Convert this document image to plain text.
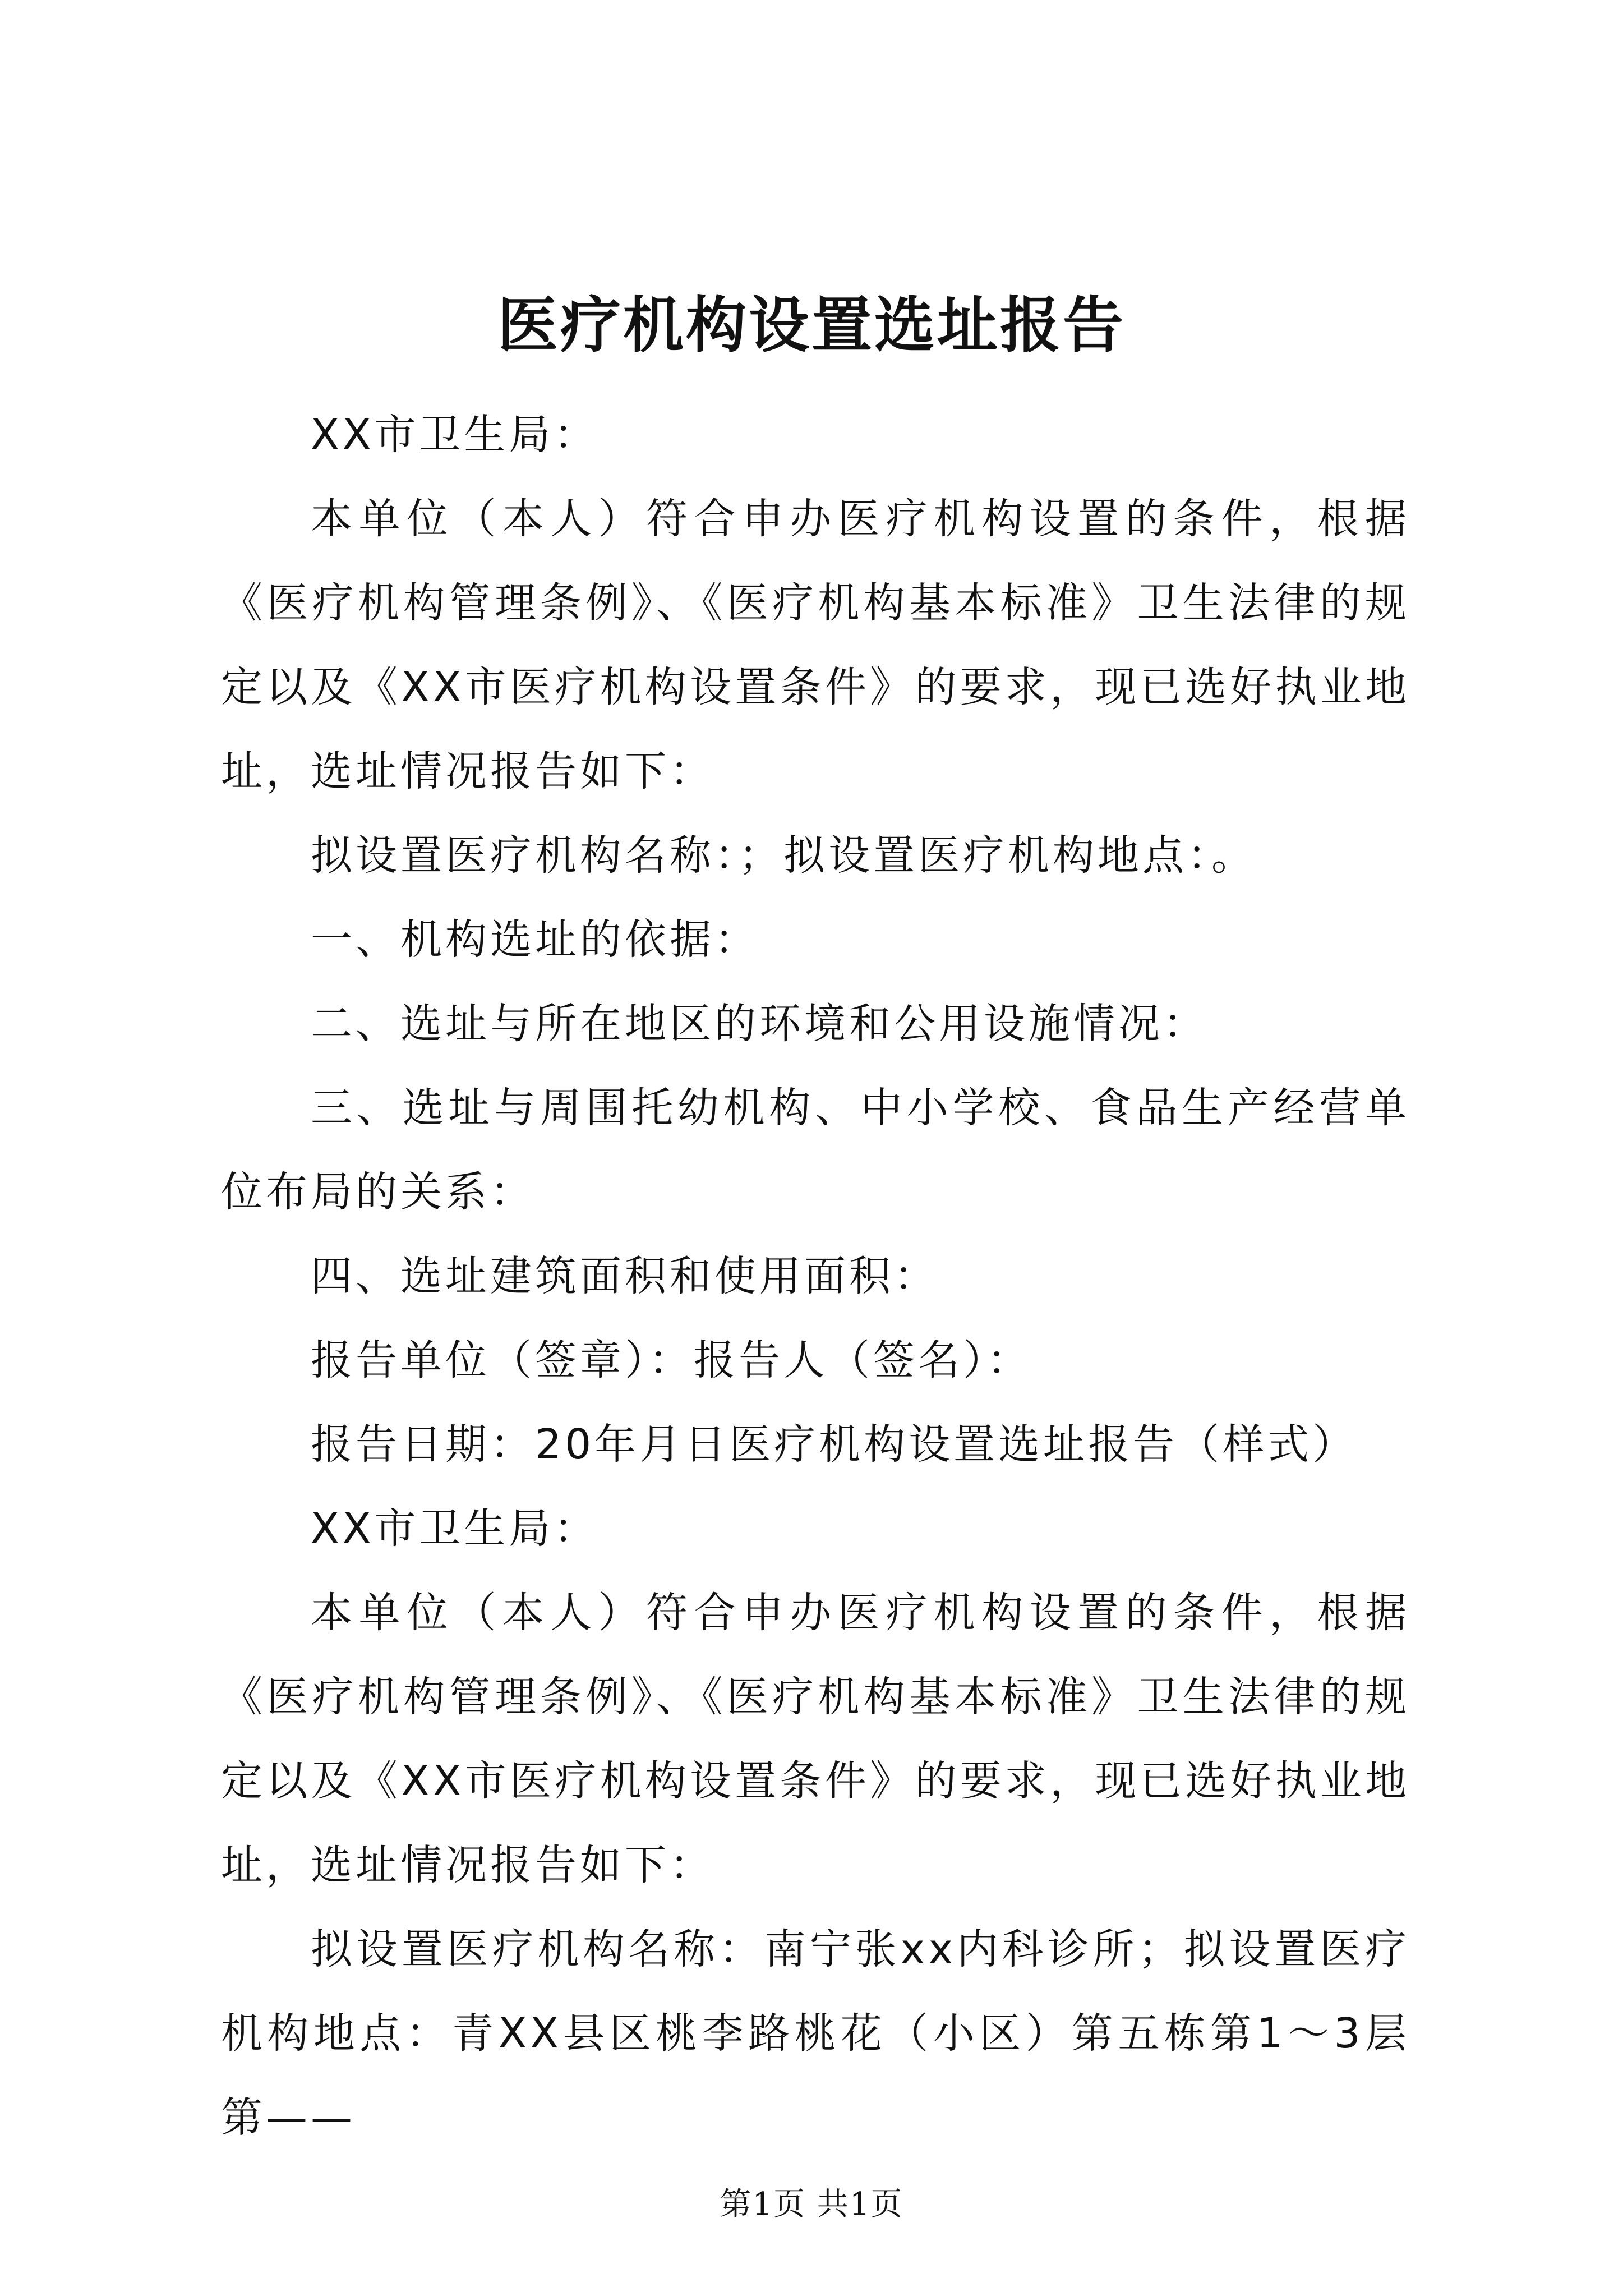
医疗机构设置选址报告

XX市卫生局：

本单位（本人）符合申办医疗机构设置的条件，根据《医疗机构管理条例》、《医疗机构基本标准》卫生法律的规定以及《XX市医疗机构设置条件》的要求，现已选好执业地址，选址情况报告如下：

拟设置医疗机构名称：；拟设置医疗机构地点：。

一、机构选址的依据：

二、选址与所在地区的环境和公用设施情况：

三、选址与周围托幼机构、中小学校、食品生产经营单位布局的关系：

四、选址建筑面积和使用面积：

报告单位（签章）：报告人（签名）：

报告日期：20年月日医疗机构设置选址报告（样式）

XX市卫生局：

本单位（本人）符合申办医疗机构设置的条件，根据《医疗机构管理条例》、《医疗机构基本标准》卫生法律的规定以及《XX市医疗机构设置条件》的要求，现已选好执业地址，选址情况报告如下：

拟设置医疗机构名称：南宁张xx内科诊所；拟设置医疗机构地点：青XX县区桃李路桃花（小区）第五栋第1～3层第——

第1页 共1页
